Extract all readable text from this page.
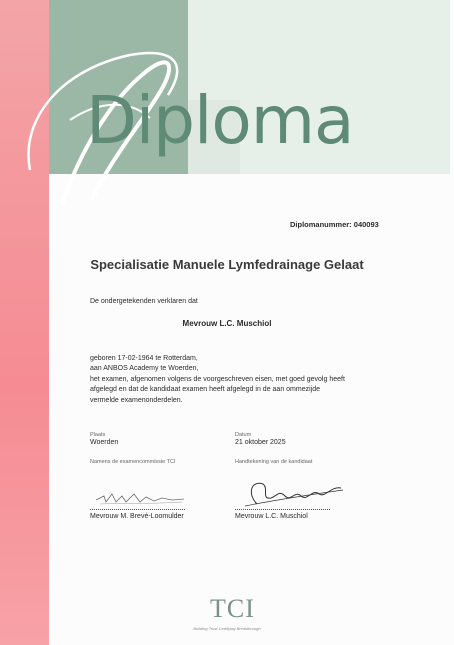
Diploma
Diplomanummer: 040093
Specialisatie Manuele Lymfedrainage Gelaat
De ondergetekenden verklaren dat
Mevrouw L.C. Muschiol
geboren 17-02-1964 te Rotterdam,
aan ANBOS Academy te Woerden,
het examen, afgenomen volgens de voorgeschreven eisen, met goed gevolg heeft
afgelegd en dat de kandidaat examen heeft afgelegd in de aan ommezijde
vermelde examenonderdelen.
Plaats
Woerden
Datum
21 oktober 2025
Namens de examencommissie TCI	Handtekening van de kandidaat
Mevrouw M. Brevé-Loomulder	Mevrouw L.C. Muschiol
TCI
Building Trust Certifying Breakthrough
